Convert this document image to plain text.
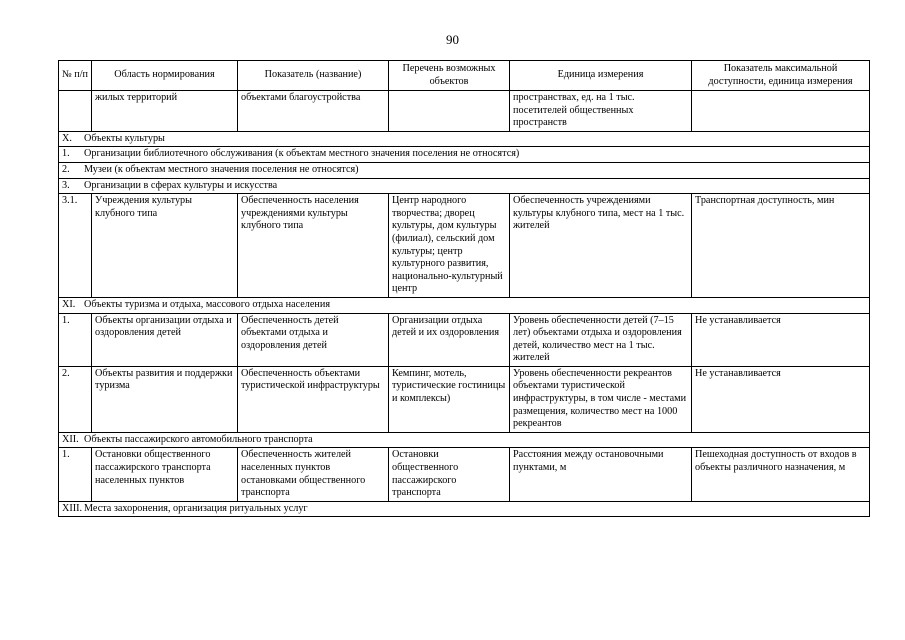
90
№ п/п	Область нормирования	Показатель (название)	Перечень возможных объектов	Единица измерения	Показатель максимальной доступности, единица измерения
	жилых территорий	объектами благоустройства		пространствах, ед. на 1 тыс. посетителей общественных пространств	
X. Объекты культуры					
1. Организации библиотечного обслуживания (к объектам местного значения поселения не относятся)					
2. Музеи (к объектам местного значения поселения не относятся)					
3. Организации в сферах культуры и искусства					
3.1.	Учреждения культуры клубного типа	Обеспеченность населения учреждениями культуры клубного типа	Центр народного творчества; дворец культуры, дом культуры (филиал), сельский дом культуры; центр культурного развития, национально-культурный центр	Обеспеченность учреждениями культуры клубного типа, мест на 1 тыс. жителей	Транспортная доступность, мин
XI. Объекты туризма и отдыха, массового отдыха населения					
1.	Объекты организации отдыха и оздоровления детей	Обеспеченность детей объектами отдыха и оздоровления детей	Организации отдыха детей и их оздоровления	Уровень обеспеченности детей (7–15 лет) объектами отдыха и оздоровления детей, количество мест на 1 тыс. жителей	Не устанавливается
2.	Объекты развития и поддержки туризма	Обеспеченность объектами туристической инфраструктуры	Кемпинг, мотель, туристические гостиницы и комплексы)	Уровень обеспеченности рекреантов объектами туристической инфраструктуры, в том числе - местами размещения, количество мест на 1000 рекреантов	Не устанавливается
XII. Объекты пассажирского автомобильного транспорта					
1.	Остановки общественного пассажирского транспорта населенных пунктов	Обеспеченность жителей населенных пунктов остановками общественного транспорта	Остановки общественного пассажирского транспорта	Расстояния между остановочными пунктами, м	Пешеходная доступность от входов в объекты различного назначения, м
XIII. Места захоронения, организация ритуальных услуг					
